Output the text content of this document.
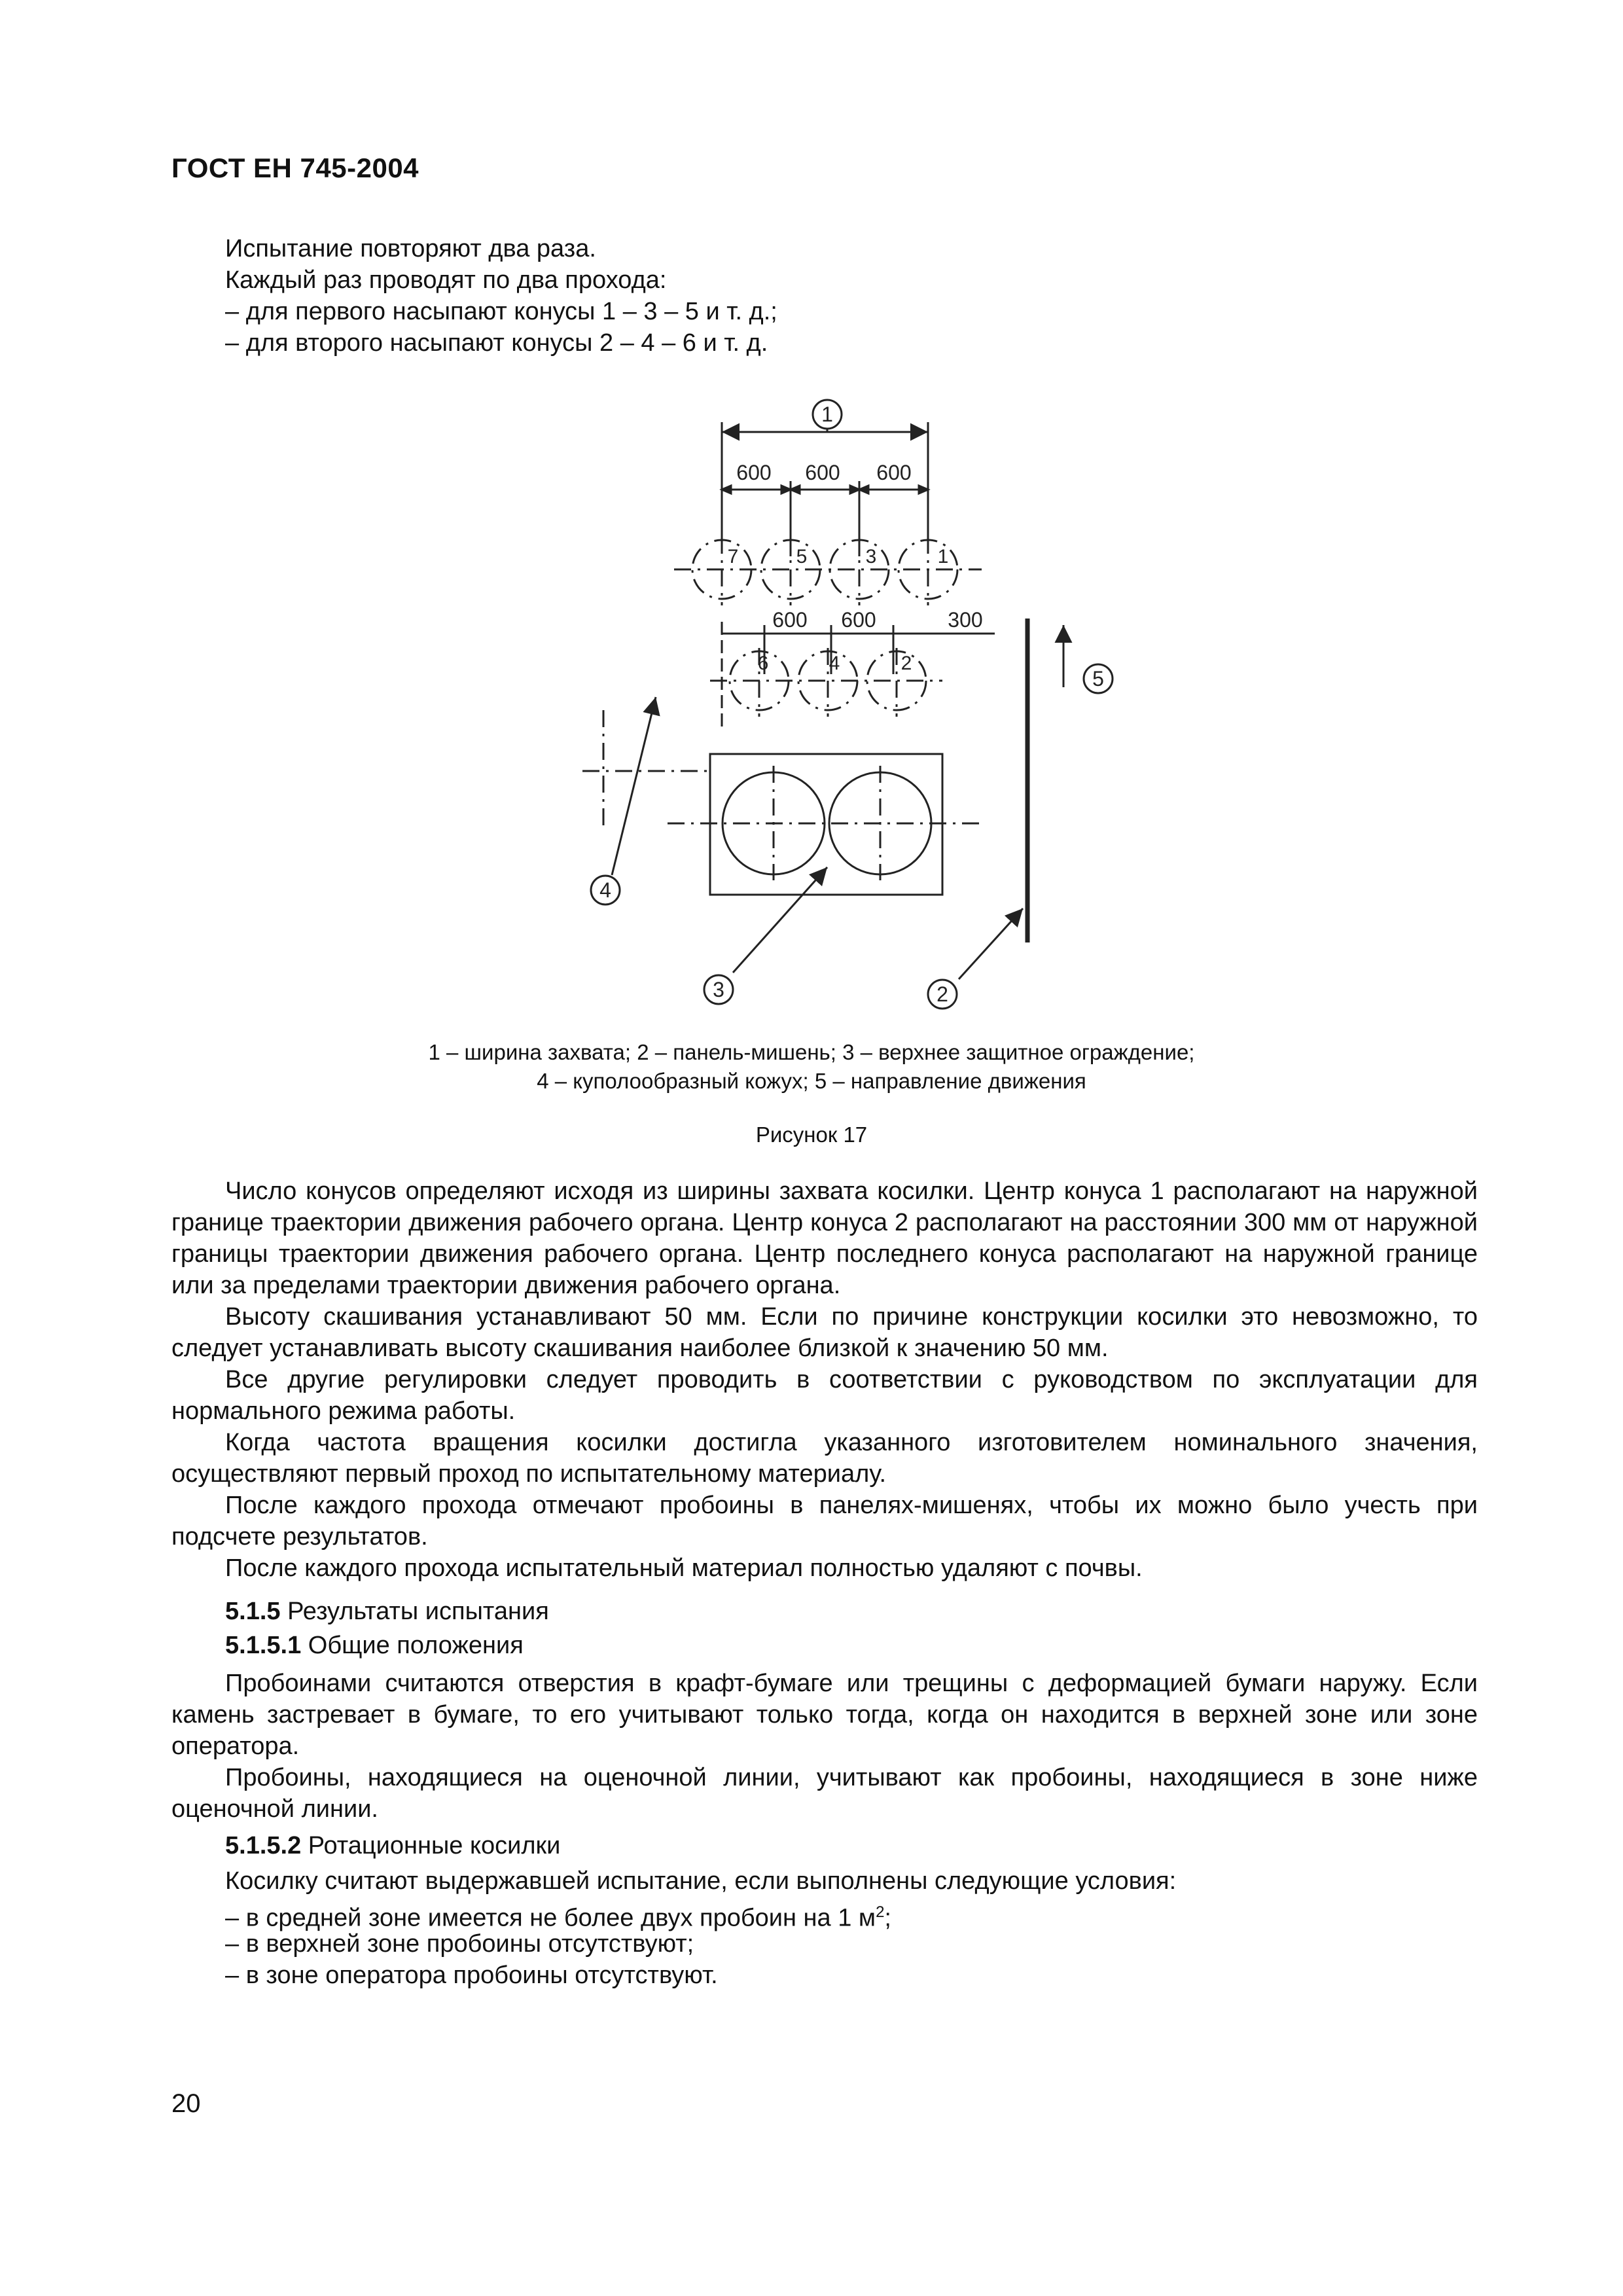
ГОСТ ЕН 745-2004
Испытание повторяют два раза.
Каждый раз проводят по два прохода:
– для первого насыпают конусы 1 – 3 – 5 и т. д.;
– для второго насыпают конусы 2 – 4 – 6 и т. д.
1
5
4
3	2
600 600 600
600 600	300
7	5	3	1
6	4	2
1 – ширина захвата; 2 – панель-мишень; 3 – верхнее защитное ограждение;
4 – куполообразный кожух; 5 – направление движения
Рисунок 17

Число конусов определяют исходя из ширины захвата косилки. Центр конуса 1 располагают на наружной границе траектории движения рабочего органа. Центр конуса 2 располагают на расстоянии 300 мм от наружной границы траектории движения рабочего органа. Центр последнего конуса располагают на наружной границе или за пределами траектории движения рабочего органа.

Высоту скашивания устанавливают 50 мм. Если по причине конструкции косилки это невозможно, то следует устанавливать высоту скашивания наиболее близкой к значению 50 мм.

Все другие регулировки следует проводить в соответствии с руководством по эксплуатации для нормального режима работы.

Когда частота вращения косилки достигла указанного изготовителем номинального значения, осуществляют первый проход по испытательному материалу.

После каждого прохода отмечают пробоины в панелях-мишенях, чтобы их можно было учесть при подсчете результатов.

После каждого прохода испытательный материал полностью удаляют с почвы.

5.1.5 Результаты испытания
5.1.5.1 Общие положения

Пробоинами считаются отверстия в крафт-бумаге или трещины с деформацией бумаги наружу. Если камень застревает в бумаге, то его учитывают только тогда, когда он находится в верхней зоне или зоне оператора.

Пробоины, находящиеся на оценочной линии, учитывают как пробоины, находящиеся в зоне ниже оценочной линии.

5.1.5.2 Ротационные косилки
Косилку считают выдержавшей испытание, если выполнены следующие условия:
– в средней зоне имеется не более двух пробоин на 1 $м^2$;
– в верхней зоне пробоины отсутствуют;
– в зоне оператора пробоины отсутствуют.
20
